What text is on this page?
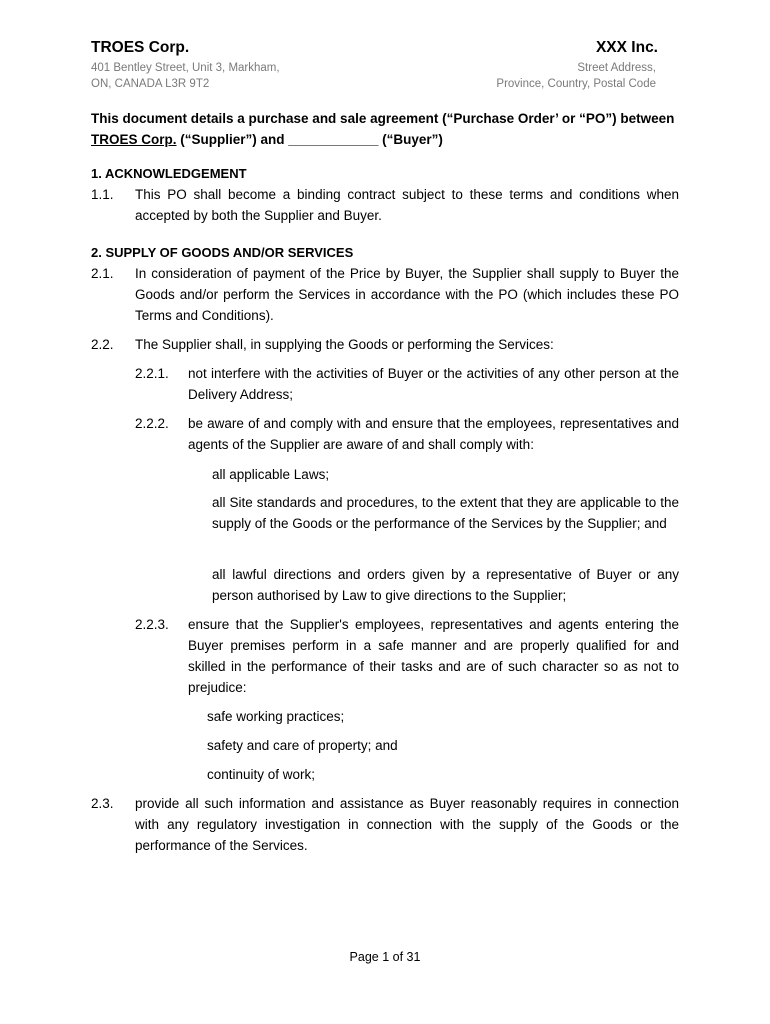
TROES Corp.
401 Bentley Street, Unit 3, Markham,
ON, CANADA L3R 9T2
XXX Inc.
Street Address,
Province, Country, Postal Code
This document details a purchase and sale agreement (“Purchase Order’ or “PO”) between
TROES Corp. (“Supplier”) and ____________ (“Buyer”)
1. ACKNOWLEDGEMENT
1.1. This PO shall become a binding contract subject to these terms and conditions when accepted by both the Supplier and Buyer.
2. SUPPLY OF GOODS AND/OR SERVICES
2.1. In consideration of payment of the Price by Buyer, the Supplier shall supply to Buyer the Goods and/or perform the Services in accordance with the PO (which includes these PO Terms and Conditions).
2.2. The Supplier shall, in supplying the Goods or performing the Services:
2.2.1. not interfere with the activities of Buyer or the activities of any other person at the Delivery Address;
2.2.2. be aware of and comply with and ensure that the employees, representatives and agents of the Supplier are aware of and shall comply with:
all applicable Laws;
all Site standards and procedures, to the extent that they are applicable to the supply of the Goods or the performance of the Services by the Supplier; and
all lawful directions and orders given by a representative of Buyer or any person authorised by Law to give directions to the Supplier;
2.2.3. ensure that the Supplier's employees, representatives and agents entering the Buyer premises perform in a safe manner and are properly qualified for and skilled in the performance of their tasks and are of such character so as not to prejudice:
safe working practices;
safety and care of property; and
continuity of work;
2.3. provide all such information and assistance as Buyer reasonably requires in connection with any regulatory investigation in connection with the supply of the Goods or the performance of the Services.
Page 1 of 31
